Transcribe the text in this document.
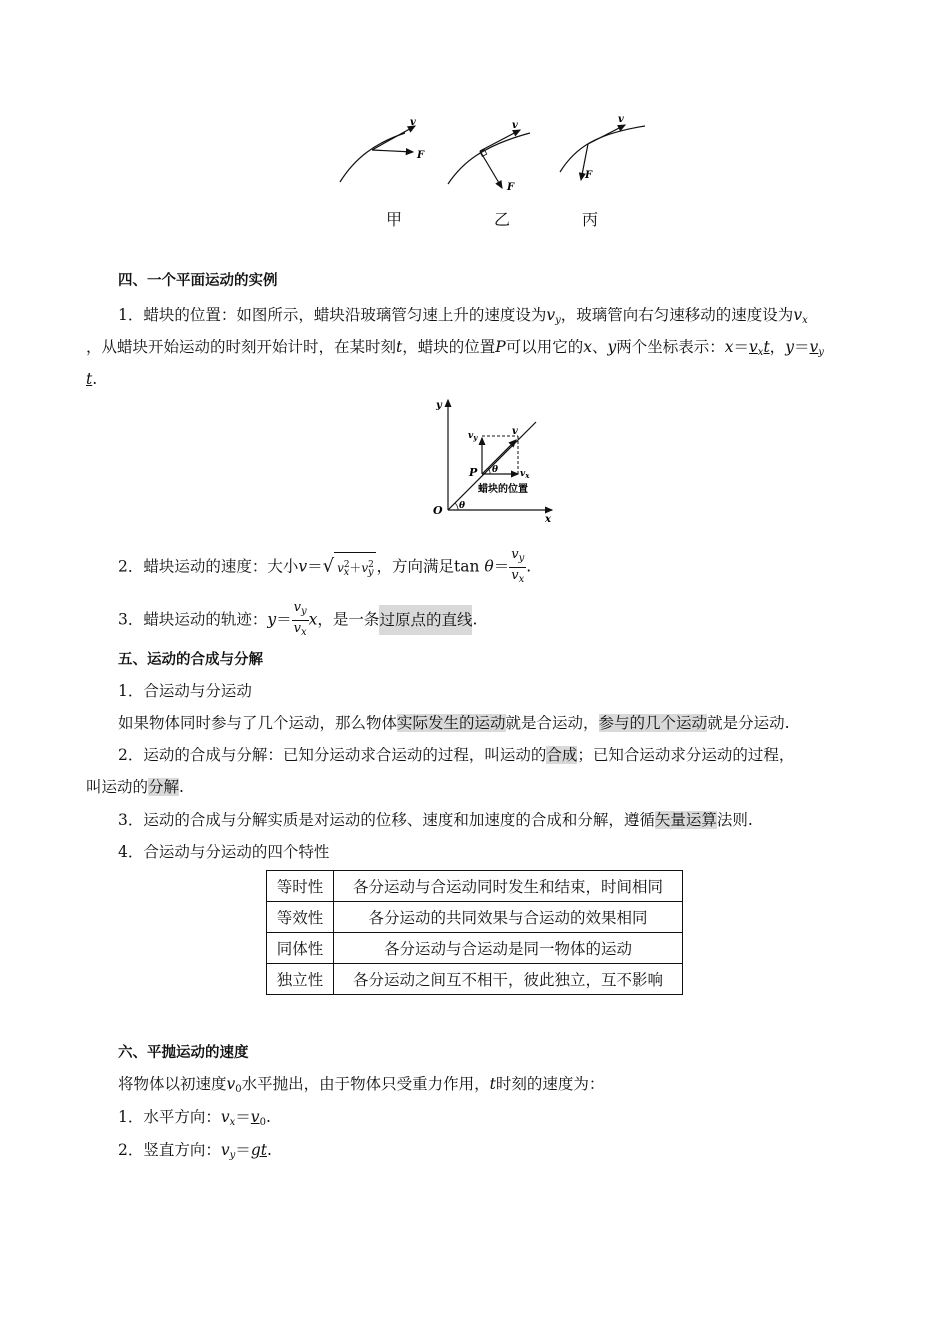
v
F
v
F
v
F
甲	乙	丙
四、一个平面运动的实例
1．蜡块的位置：如图所示，蜡块沿玻璃管匀速上升的速度设为$v_y$，玻璃管向右匀速移动的速度设为$v_x$
，从蜡块开始运动的时刻开始计时，在某时刻t，蜡块的位置P可以用它的x、y两个坐标表示：$x=v_xt$，$y=v_y$
t.
y
x
O
P θ
θ
v
$v_y$
$v_x$
蜡块的位置
2．蜡块运动的速度：大小v＝√ $v^2_x+v^2_y$ ，方向满足$\tan \theta= \frac{v_y}{v_x}$ .
3．蜡块运动的轨迹：$y= \frac{v_y}{v_x}$ x，是一条过原点的直线.
五、运动的合成与分解
1．合运动与分运动
如果物体同时参与了几个运动，那么物体实际发生的运动就是合运动，参与的几个运动就是分运动.
2．运动的合成与分解：已知分运动求合运动的过程，叫运动的合成；已知合运动求分运动的过程，
叫运动的分解.
3．运动的合成与分解实质是对运动的位移、速度和加速度的合成和分解，遵循矢量运算法则.
4．合运动与分运动的四个特性
等时性	各分运动与合运动同时发生和结束，时间相同
等效性	各分运动的共同效果与合运动的效果相同
同体性	各分运动与合运动是同一物体的运动
独立性	各分运动之间互不相干，彼此独立，互不影响
六、平抛运动的速度
将物体以初速度$v_0$水平抛出，由于物体只受重力作用，t时刻的速度为：
1．水平方向：$v_x=v_0$.
2．竖直方向：$v_y=gt$.
